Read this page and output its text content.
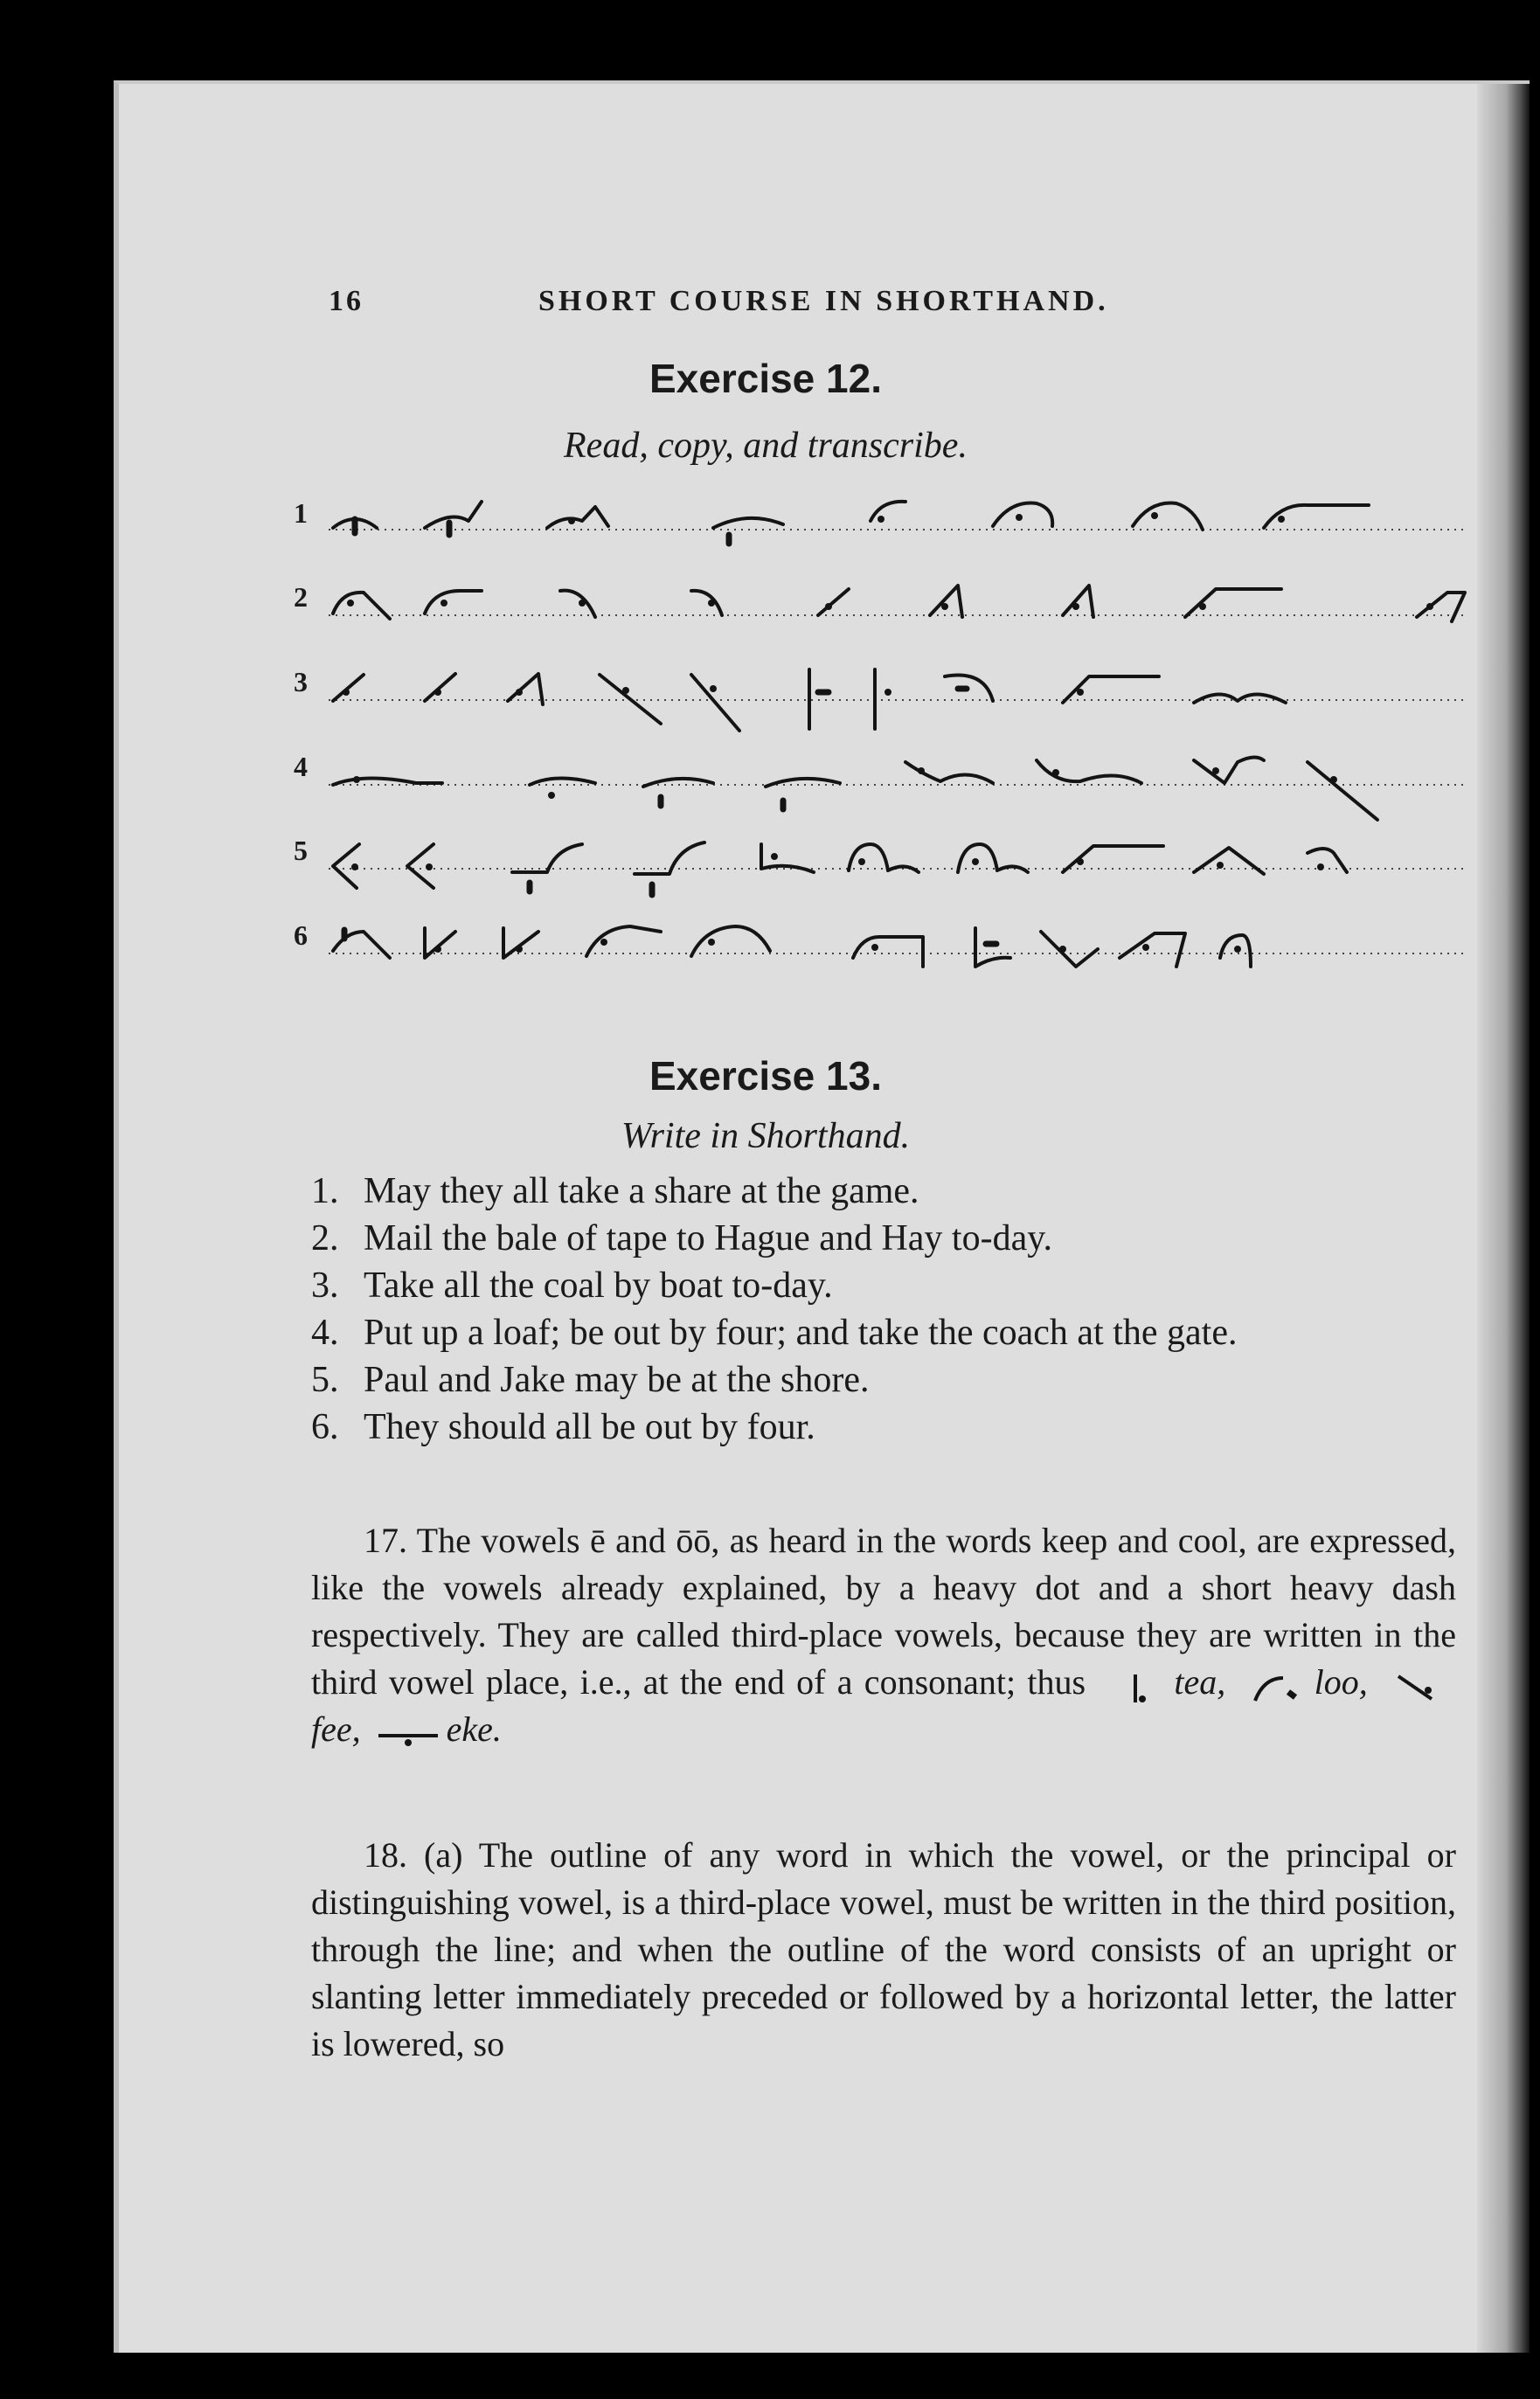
16	SHORT COURSE IN SHORTHAND.
Exercise 12.
Read, copy, and transcribe.
1
2
3
4
5
6
Exercise 13.
Write in Shorthand.
1. May they all take a share at the game.
2. Mail the bale of tape to Hague and Hay to-day.
3. Take all the coal by boat to-day.
4. Put up a loaf; be out by four; and take the coach at the gate.
5. Paul and Jake may be at the shore.
6. They should all be out by four.
17. The vowels ē and ōō, as heard in the words keep and cool, are expressed, like the vowels already explained, by a heavy dot and a short heavy dash respectively. They are called third-place vowels, because they are written in the third vowel place, i.e., at the end of a consonant; thus	tea,	loo, fee, eke.
18. (a) The outline of any word in which the vowel, or the principal or distinguishing vowel, is a third-place vowel, must be written in the third position, through the line; and when the outline of the word consists of an upright or slanting letter immediately preceded or followed by a horizontal letter, the latter is lowered, so
